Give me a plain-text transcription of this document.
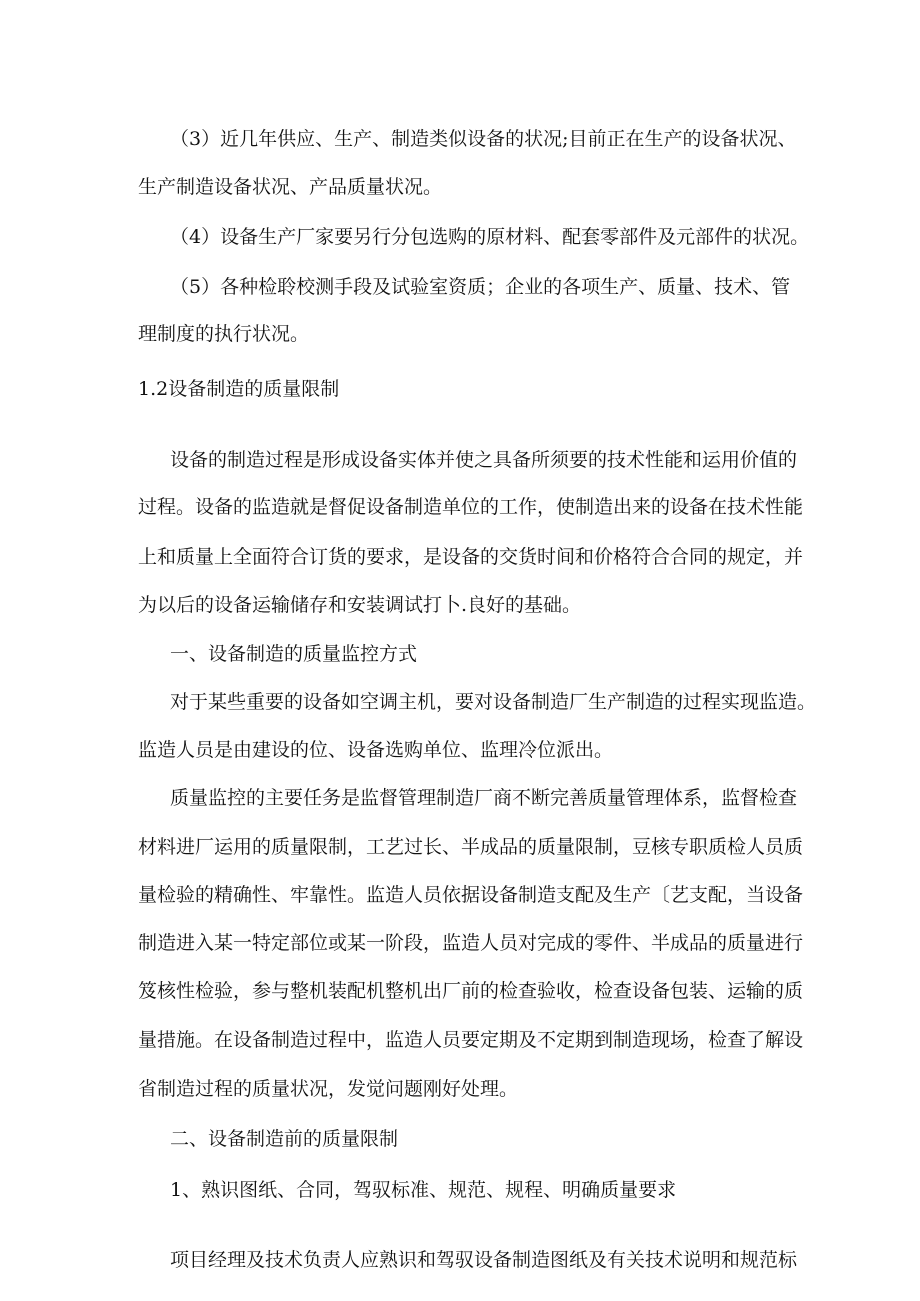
（3）近几年供应、生产、制造类似设备的状况;目前正在生产的设备状况、
生产制造设备状况、产品质量状况。
（4）设备生产厂家要另行分包选购的原材料、配套零部件及元部件的状况。
（5）各种检聆校测手段及试验室资质；企业的各项生产、质量、技术、管
理制度的执行状况。
1.2设备制造的质量限制
设备的制造过程是形成设备实体并使之具备所须要的技术性能和运用价值的
过程。设备的监造就是督促设备制造单位的工作，使制造出来的设备在技术性能
上和质量上全面符合订货的要求，是设备的交货时间和价格符合合同的规定，并
为以后的设备运输储存和安装调试打卜.良好的基础。
一、设备制造的质量监控方式
对于某些重要的设备如空调主机，要对设备制造厂生产制造的过程实现监造。
监造人员是由建设的位、设备选购单位、监理冷位派出。
质量监控的主要任务是监督管理制造厂商不断完善质量管理体系，监督检查
材料进厂运用的质量限制，工艺过长、半成品的质量限制，豆核专职质检人员质
量检验的精确性、牢靠性。监造人员依据设备制造支配及生产〔艺支配，当设备
制造进入某一特定部位或某一阶段，监造人员对完成的零件、半成品的质量进行
笈核性检验，参与整机装配机整机出厂前的检查验收，检查设备包装、运输的质
量措施。在设备制造过程中，监造人员要定期及不定期到制造现场，检查了解设
省制造过程的质量状况，发觉问题刚好处理。
二、设备制造前的质量限制
1、熟识图纸、合同，驾驭标准、规范、规程、明确质量要求
项目经理及技术负责人应熟识和驾驭设备制造图纸及有关技术说明和规范标
